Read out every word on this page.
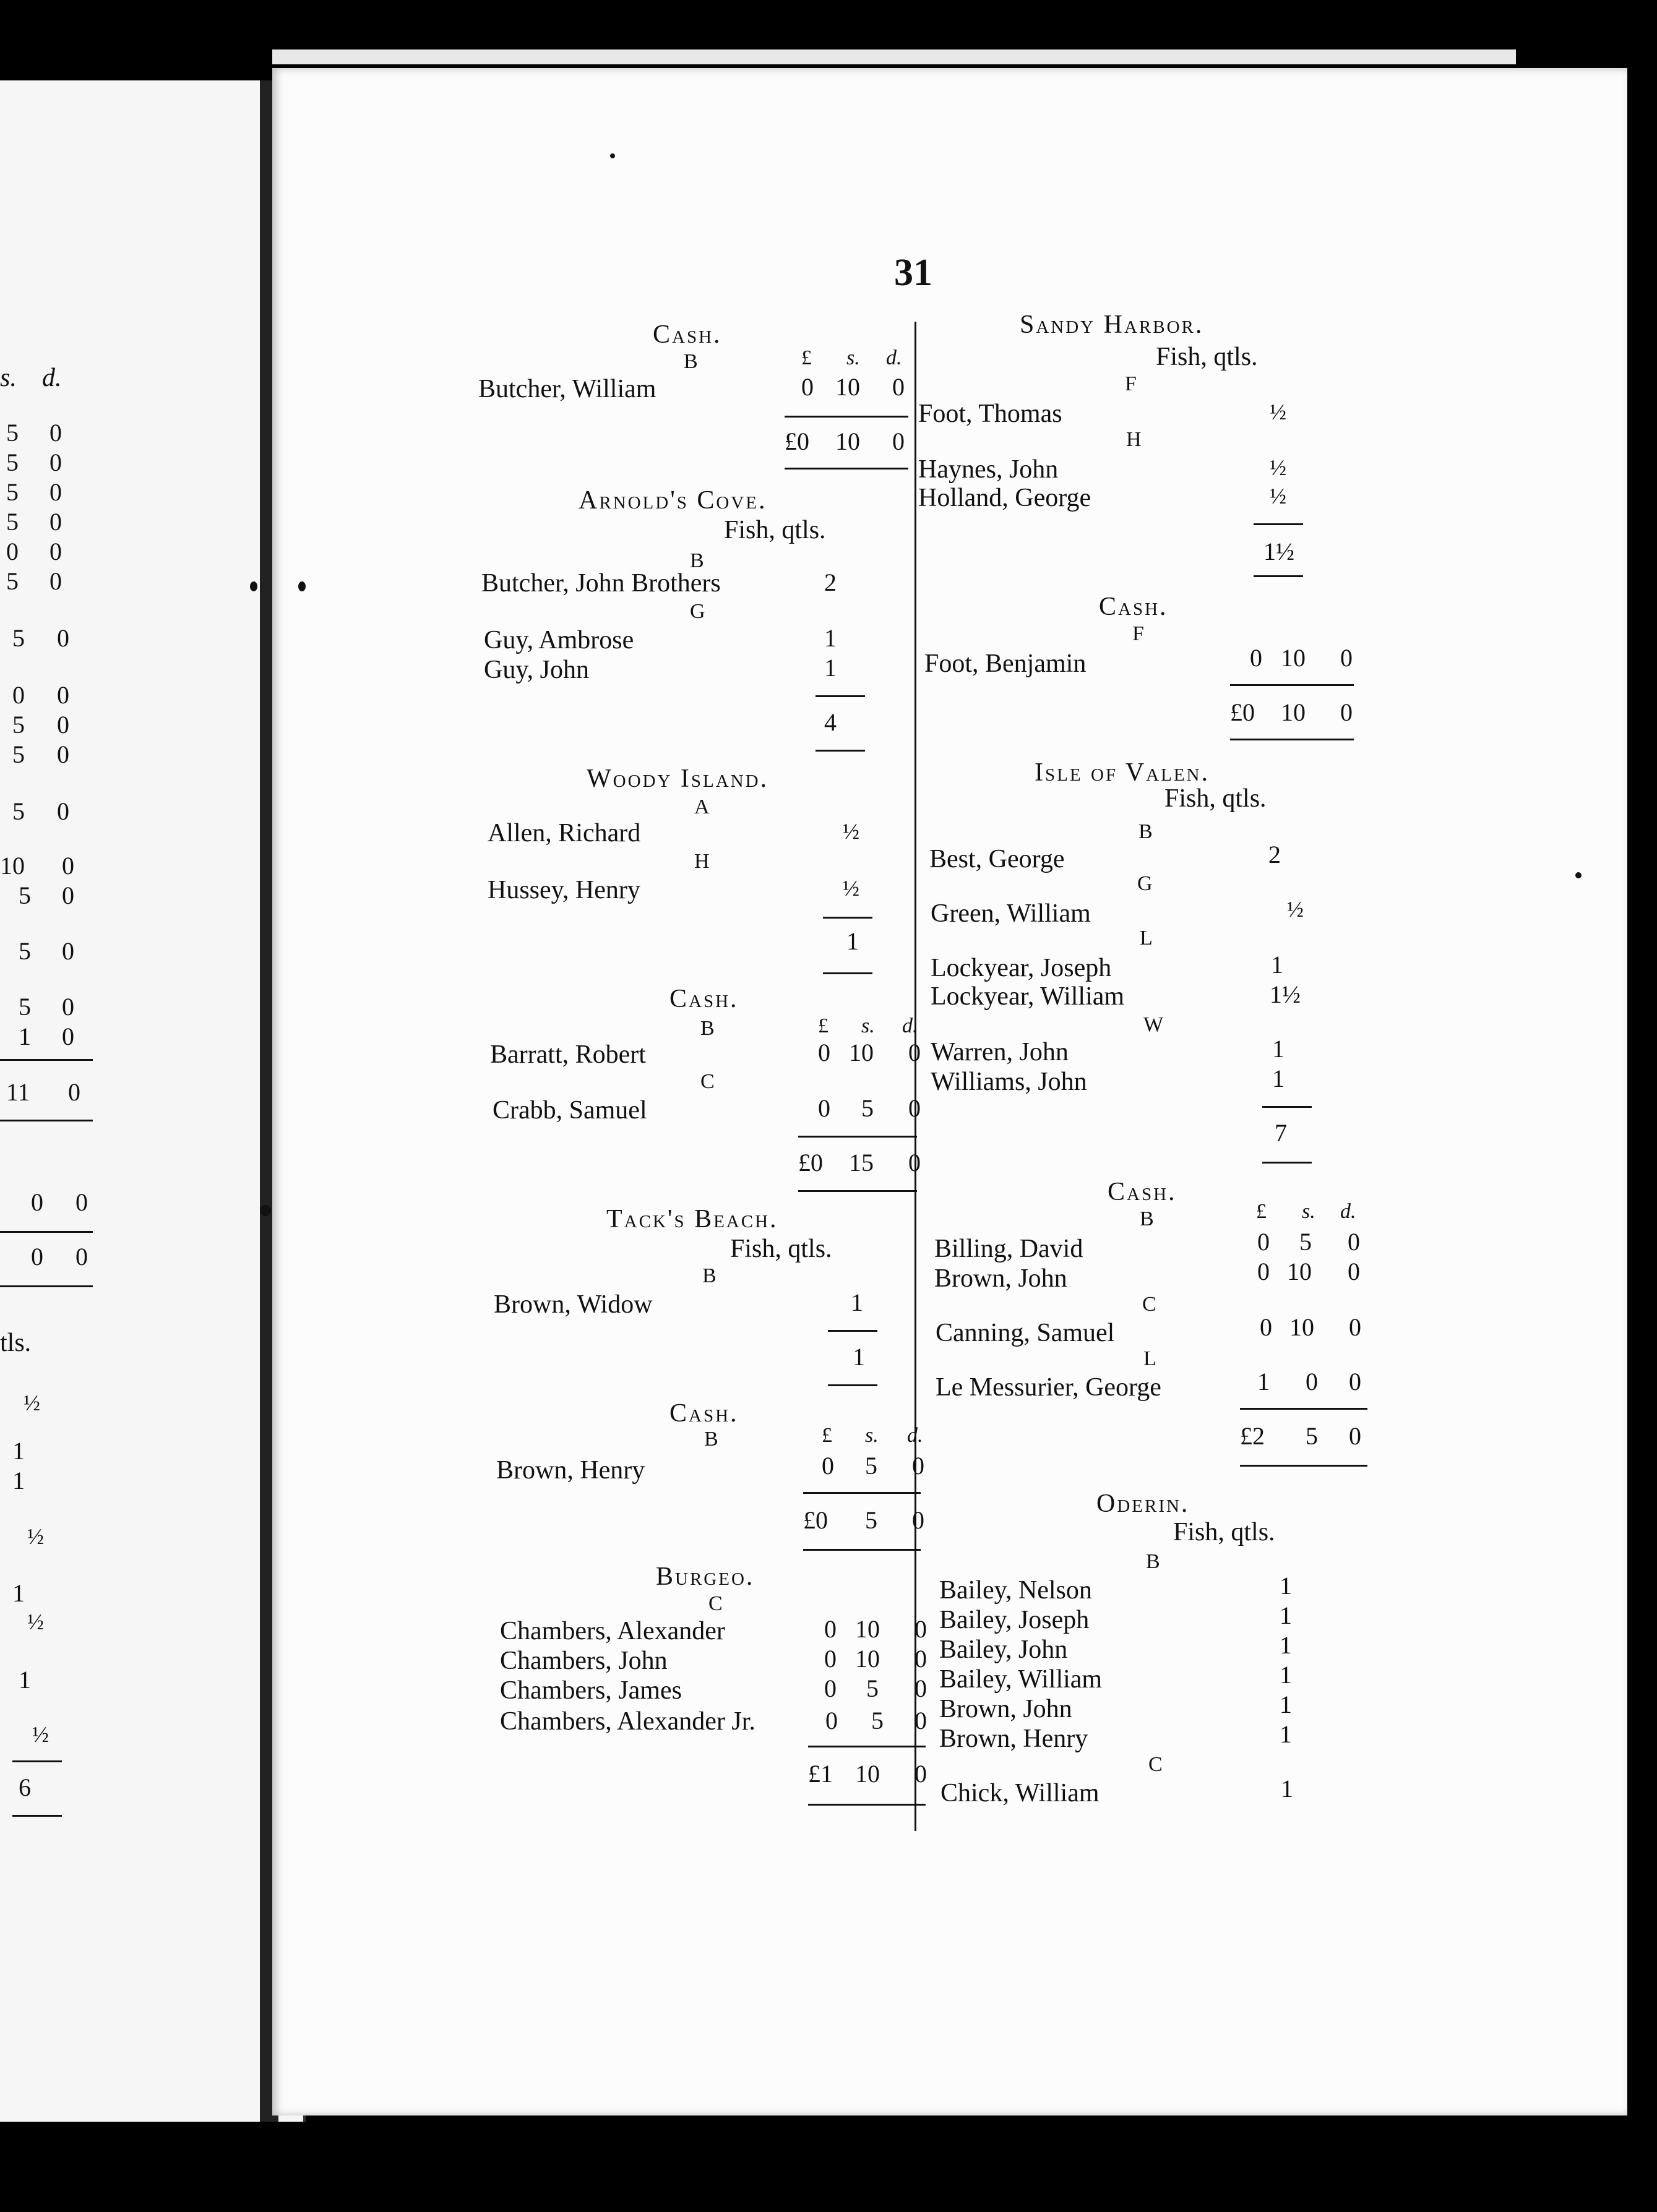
s. d.
5 0
5 0
5 0
5 0
0 0
5 0
5 0
0 0
5 0
5 0
5 0
10 0
5 0
5 0
5 0
1 0
11 0
0 0
0 0
tls.
½
1
1
½
1
½
1
½
6
31
Cash.
B	£ s. d.
Butcher, William	0 10 0
£0 10 0
Arnold's Cove.
Fish, qtls.
B
Butcher, John Brothers	2
G
Guy, Ambrose	1
Guy, John	1
4
Woody Island.
A
Allen, Richard	½
H
Hussey, Henry	½
1
Cash.
£ s. d.
B
Barratt, Robert	0 10 0
C
Crabb, Samuel	0 5 0
£0 15 0
Tack's Beach.
Fish, qtls.
B
Brown, Widow	1
1
Cash.
£ s. d.
B
Brown, Henry	0 5 0
£0 5 0
Burgeo.
C
Chambers, Alexander	0 10 0
Chambers, John	0 10 0
Chambers, James	0 5 0
Chambers, Alexander Jr.	0 5 0
£1 10 0
Sandy Harbor.
Fish, qtls.
F
Foot, Thomas	½
H
Haynes, John	½
Holland, George	½
1½
Cash.
F
Foot, Benjamin	0 10 0
£0 10 0
Isle of Valen.
Fish, qtls.
B
Best, George	2
G
Green, William	½
L
Lockyear, Joseph	1
Lockyear, William	1½
W
Warren, John	1
Williams, John	1
7
Cash.
£ s. d.
B
Billing, David	0 5 0
Brown, John	0 10 0
C
Canning, Samuel	0 10 0
L
Le Messurier, George	1 0 0
£2 5 0
Oderin.
Fish, qtls.
B
Bailey, Nelson	1
Bailey, Joseph	1
Bailey, John	1
Bailey, William	1
Brown, John	1
Brown, Henry	1
C
Chick, William	1
